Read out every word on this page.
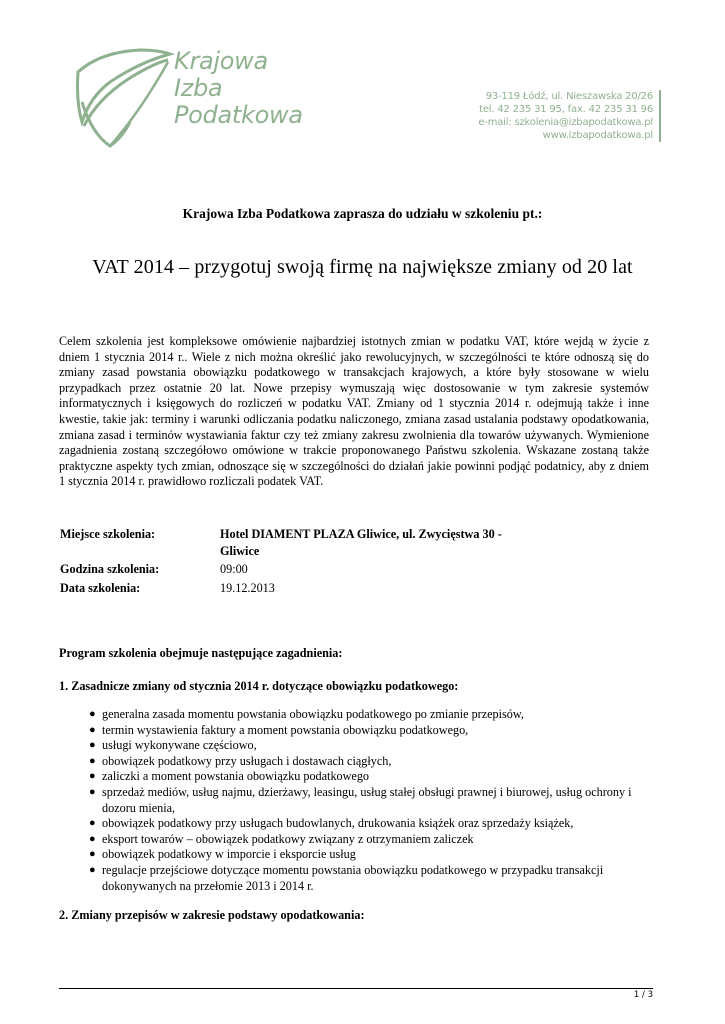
Krajowa
Izba
Podatkowa
93-119 Łódź, ul. Nieszawska 20/26
tel. 42 235 31 95, fax. 42 235 31 96
e-mail: szkolenia@izbapodatkowa.pl
www.izbapodatkowa.pl
Krajowa Izba Podatkowa zaprasza do udziału w szkoleniu pt.:
VAT 2014 – przygotuj swoją firmę na największe zmiany od 20 lat
Celem szkolenia jest kompleksowe omówienie najbardziej istotnych zmian w podatku VAT, które wejdą w życie z dniem 1 stycznia 2014 r.. Wiele z nich można określić jako rewolucyjnych, w szczególności te które odnoszą się do zmiany zasad powstania obowiązku podatkowego w transakcjach krajowych, a które były stosowane w wielu przypadkach przez ostatnie 20 lat. Nowe przepisy wymuszają więc dostosowanie w tym zakresie systemów informatycznych i księgowych do rozliczeń w podatku VAT. Zmiany od 1 stycznia 2014 r. odejmują także i inne kwestie, takie jak: terminy i warunki odliczania podatku naliczonego, zmiana zasad ustalania podstawy opodatkowania, zmiana zasad i terminów wystawiania faktur czy też zmiany zakresu zwolnienia dla towarów używanych. Wymienione zagadnienia zostaną szczegółowo omówione w trakcie proponowanego Państwu szkolenia. Wskazane zostaną także praktyczne aspekty tych zmian, odnoszące się w szczególności do działań jakie powinni podjąć podatnicy, aby z dniem 1 stycznia 2014 r. prawidłowo rozliczali podatek VAT.
Miejsce szkolenia:	Hotel DIAMENT PLAZA Gliwice, ul. Zwycięstwa 30 - Gliwice
Godzina szkolenia:	09:00
Data szkolenia:	19.12.2013
Program szkolenia obejmuje następujące zagadnienia:
1. Zasadnicze zmiany od stycznia 2014 r. dotyczące obowiązku podatkowego:
● generalna zasada momentu powstania obowiązku podatkowego po zmianie przepisów,
● termin wystawienia faktury a moment powstania obowiązku podatkowego,
● usługi wykonywane częściowo,
● obowiązek podatkowy przy usługach i dostawach ciągłych,
● zaliczki a moment powstania obowiązku podatkowego
● sprzedaż mediów, usług najmu, dzierżawy, leasingu, usług stałej obsługi prawnej i biurowej, usług ochrony i dozoru mienia,
● obowiązek podatkowy przy usługach budowlanych, drukowania książek oraz sprzedaży książek,
● eksport towarów – obowiązek podatkowy związany z otrzymaniem zaliczek
● obowiązek podatkowy w imporcie i eksporcie usług
● regulacje przejściowe dotyczące momentu powstania obowiązku podatkowego w przypadku transakcji dokonywanych na przełomie 2013 i 2014 r.
2. Zmiany przepisów w zakresie podstawy opodatkowania:
1 / 3
